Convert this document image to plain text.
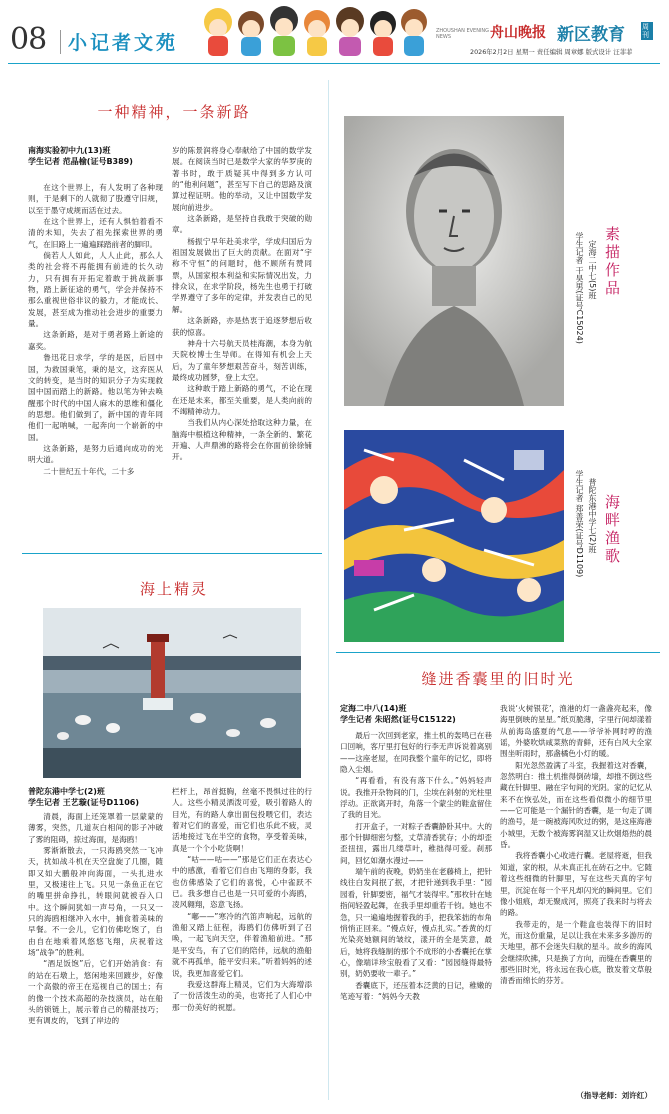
08 小记者文苑
ZHOUSHAN EVENING NEWS	舟山晚报 新区教育 周刊
2026年2月2日 星期一 责任编辑 周章娜 版式设计 汪菲菲
一种精神，一条新路
南海实验初中九(13)班
学生记者 范晶榆(证号B389)

在这个世界上，有人发明了各种现则，于是剩下的人就彻了股遵守旧规，以至于墨守成规而活在过去。

在这个世界上，还有人惧怕着看不清的未知，失去了祖先探索世界的勇气，在旧路上一遍遍踩踏前者的脚印。

倘若人人如此，人人止此，那么人类的社会将不再能拥有前进的长久动力，只有拥有开拓定着敢于挑战新事物，踏上新征途的勇气，学会并保持不那么重视世俗非议的毅力，才能成长、发展，甚至成为推动社会进步的重要力量。

这条新路，是对于勇者路上新途的嘉奖。

鲁迅花日求学，学的是医，后回中国，为救国秉笔，秉的是文，这弃医从文的转变，是当时的知识分子为实现救国中国而踏上的新路。他以笔为钟去唤醒那个时代的中国人麻木的思维和僵化的思想。他们做到了，新中国的青年同他们一起呐喊，一起奔向一个崭新的中国。

这条新路，是努力后通向成功的光明大道。

二十世纪五十年代，二十多

岁的陈景润将身心奉献给了中国的数学发展。在阅读当时已是数学大家的华罗庚的著书时，敢于质疑其中得到多方认可的“他利问题”，甚至写下自己的思路及演算过程证明。他的举动，又让中国数学发展向前进步。

这条新路，是坚持自我敢于突破的勋章。

杨振宁早年赴美求学，学成归国后为祖国发展做出了巨大的贡献。在面对“宇称不守恒”的问题时，他不顾所有赞同票，从国家根本利益和实际情况出发，力排众议，在求学阶段，杨先生也勇于打破学界遵守了多年的定律，并发表自己的见解。

这条新路，亦是热衷于追逐梦想后收获的惊喜。

神舟十六号航天员桂海潮，本身为航天院校博士生导师。在得知有机会上天后，为了童年梦想艰苦奋斗，刻苦训练，最终成功圆梦，登上太空。

这种敢于踏上新路的勇气，不论在现在还是未来，都至关重要，是人类向前的不竭精神动力。

当我们从内心深处拾取这种力量，在脑海中根植这种精神，一条全新的、繁花开遍、人声鼎沸的路将会在你面前徐徐铺开。

海上精灵
普陀东港中学七(2)班
学生记者 王艺璇(证号D1106)

清晨，海面上还笼罩着一层蒙蒙的薄雾，突然，几道灰白相间的影子冲破了雾的阻碍，掠过海面，是海鸥！

雾渐渐散去，一只海鸥突然一飞冲天，扰如战斗机在天空盘旋了几圈，随即又如大鹏般冲向海面，一头扎进水里，又极速往上飞。只见一条鱼正在它的嘴里拼命挣扎，转眼间就被吞入口中。这个瞬间犹如一声号角，一只又一只的海鸥相继冲入水中，捕食着美味的早餐。不一会儿，它们仿佛吃饱了，自由自在地乘着风悠悠飞翔，庆祝着这场“战争”的胜利。

“酒足饭饱”后，它们开始消食：有的站在石墩上，悠闲地来回踱步，好像一个高傲的帝王在巡视自己的国土；有的像一个技术高超的杂技演员，站在船头的锁链上，展示着自己的精湛技巧；更有调皮的，飞到了岸边的

栏杆上，昂首挺胸，丝毫不畏惧过往的行人。这些小精灵洒泼可爱，吸引着路人的目光，有的路人拿出面包投喂它们，表达着对它们的喜爱，而它们也乐此不疲，灵活地接过飞在半空的食物，享受着美味，真是一个个小吃货啊！

“咕——咕——”那是它们正在表达心中的感激，看着它们自由飞翔的身影，我也仿佛感染了它们的喜悦，心中雀跃不已。我多想自己也是一只可爱的小海鸥，凌风翱翔，恣意飞扬。

“嘟——”寒冷的汽笛声响起，远航的渔船又踏上征程，海鸥们仿佛听到了召唤，一起飞向天空，伴着渔船前进。“那是平安鸟，有了它们的陪伴，远航的渔船就不再孤单，能平安归来。”听着妈妈的述说，我更加喜爱它们。

我爱这群海上精灵，它们为大海增添了一份活泼生动的美，也寄托了人们心中那一份美好的祝愿。

素描作品
定海二中七(5)班
学生记者 干昊男(证号C15024)
海畔渔歌
普陀东港中学七(2)班
学生记者 郑善荣(证号D1109)
缝进香囊里的旧时光
定海二中八(14)班
学生记者 朱昭然(证号C15122)

最后一次回到老家，推土机的轰鸣已在巷口回响，客厅里打包好的行李无声诉说着离别——这座老屋，在同我整个童年的记忆，即将隐入尘烟。

“再看看，有没有落下什么。”妈妈轻声说。我推开杂物间的门，尘埃在斜射的光柱里浮动。正欲离开时，角落一个蒙尘的鞋盒留住了我的目光。

打开盒子，一对粽子香囊静卧其中。大的那个针脚细密匀整，丈草清香犹存；小的却歪歪扭扭，露出几缕草叶，稚拙得可爱。刹那间，回忆如潮水漫过——

端午前的夜晚，奶奶坐在老藤椅上，把针线往白发间抿了抿，才把针递到我手里：“园园看，针脚要密，福气才装得牢。”那枚针在她指间轻盈起舞，在我手里却重若千钧。她也不急，只一遍遍地握着我的手，把我笨拙的布角悄悄正回来。“慢点好，慢点扎实。”香黄的灯光染亮她额间的皱纹，漾开的全是笑意，最后，她将我缝制的那个不成形的小香囊托在掌心，像端详珍宝般看了又看：“园园缝得最特别，奶奶要收一辈子。”

香囊底下，还压着本泛黄的日记，稚嫩的笔迹写着：“妈妈今天教

我说‘火树银花’，渔港的灯一盏盏亮起来，像海里倒映的星星。”纸页脆薄，字里行间却漾着从前海岛盛夏的气息——爷爷补网时哼的渔谣，外婆吹烘咸菜熬的青鲜，还有白风大全家围坐听雨时，那盏橘色小灯的暖。

阳光忽然盈满了斗室，我握着这对香囊，忽然明白：推土机推得倒砖墙，却推不倒这些藏在针脚里、融在字句间的光阴。家的记忆从来不在恢弘处，而在这些看似微小的细节里——它可能是一个漏针的香囊，是一句走了调的渔号，是一碗被海风吹过的粥，是这座海港小城里，无数个被海雾润湿又让炊烟焐热的晨昏。

我将香囊小心收进行囊。老屋将逝，但我知道，家的根，从未真正扎在砖石之中。它随着这些细微的针脚里，写在这些天真的字句里，沉淀在每一个平凡却闪光的瞬间里。它们像小姐痕，却无聚成河，照亮了我来时与将去的路。

我带走的，是一个鞋盒也装得下的旧时光，而这份重量，足以让我在未来多多游历的天地里，都不会迷失归航的星斗。故乡的海风会继续吹拂，只是换了方向，而缝在香囊里的那些旧时光，将永远在我心底，散发着文草般清香而绵长的芬芳。

（指导老师：刘许红）
